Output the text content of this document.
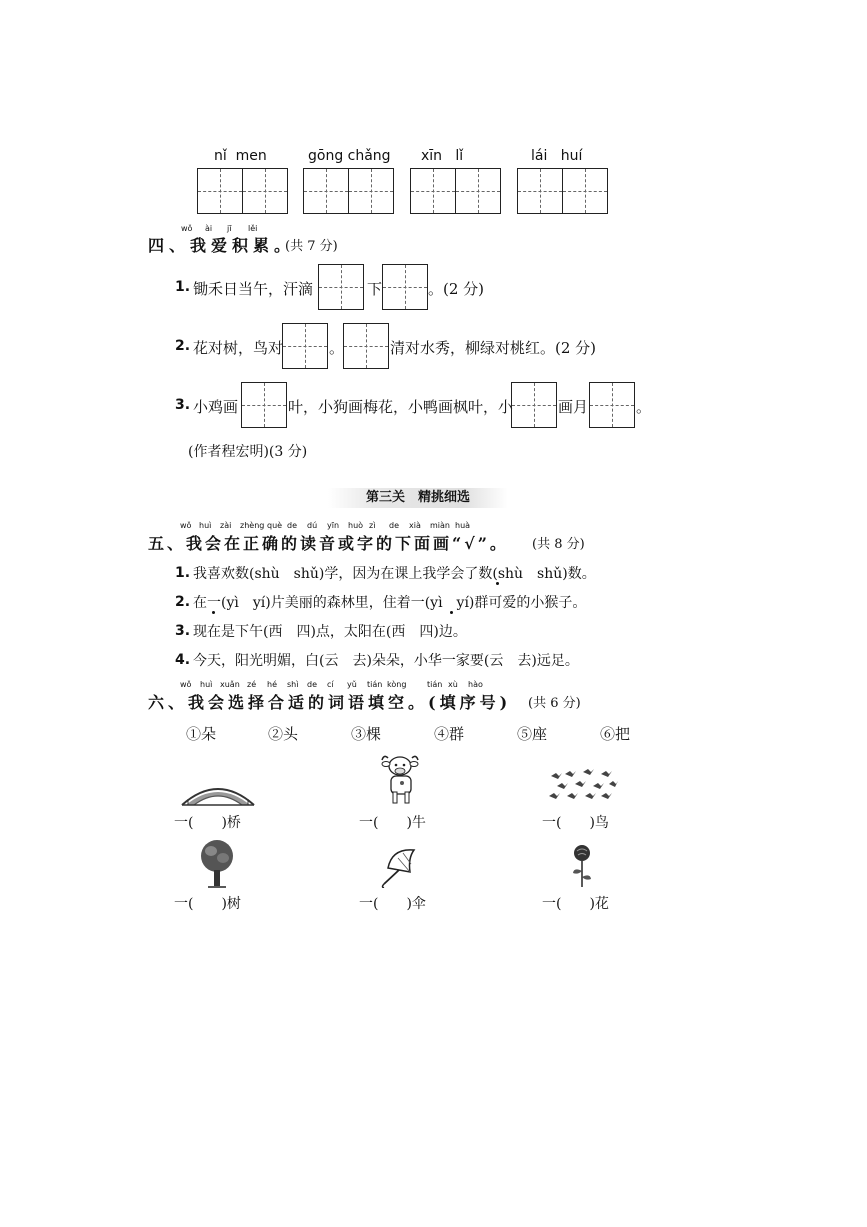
nǐ  men	gōng chǎng xīn   lǐ	lái   huí
wǒ ài jī lěi
四、我爱积累。
(共 7 分)
1. 锄禾日当午，汗滴	下	。(2 分)
2. 花对树，鸟对	。	清对水秀，柳绿对桃红。(2 分)
3. 小鸡画	叶，小狗画梅花，小鸭画枫叶，小	画月	。
(作者程宏明)(3 分)
第三关　精挑细选
wǒ huì zài zhèng què de dú yīn huò zì de xià miàn huà
五、我会在正确的读音或字的下面画“√”。 (共 8 分)
1. 我喜欢数(shù　shǔ)学，因为在课上我学会了数(shù　shǔ)数。
2. 在一(yì　yí)片美丽的森林里，住着一(yì　yí)群可爱的小猴子。
3. 现在是下午(西　四)点，太阳在(西　四)边。
4. 今天，阳光明媚，白(云　去)朵朵，小华一家要(云　去)远足。
wǒ huì xuǎn zé hé shì de cí yǔ tián kòng	tián xù hào
六、我会选择合适的词语填空。(填序号) (共 6 分)
①朵	②头	③棵	④群	⑤座	⑥把
一(　　)桥	一(　　)牛	一(　　)鸟
一(　　)树	一(　　)伞	一(　　)花
